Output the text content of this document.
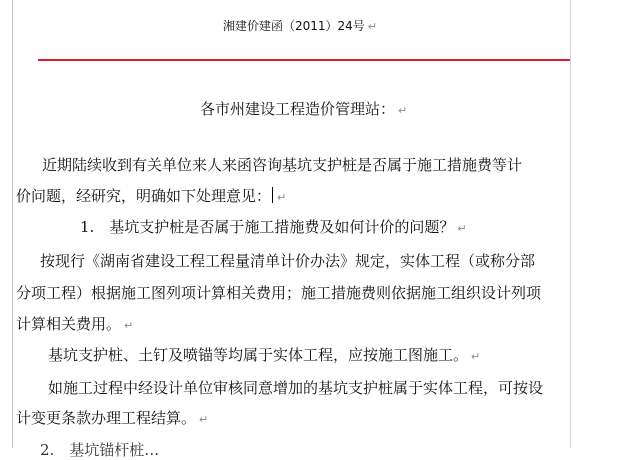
湘建价建函（2011）24号 ↵
各市州建设工程造价管理站： ↵
近期陆续收到有关单位来人来函咨询基坑支护桩是否属于施工措施费等计
价问题，经研究，明确如下处理意见： ↵
1.　基坑支护桩是否属于施工措施费及如何计价的问题？ ↵
按现行《湖南省建设工程工程量清单计价办法》规定，实体工程（或称分部
分项工程）根据施工图列项计算相关费用；施工措施费则依据施工组织设计列项
计算相关费用。 ↵
基坑支护桩、土钉及喷锚等均属于实体工程，应按施工图施工。 ↵
如施工过程中经设计单位审核同意增加的基坑支护桩属于实体工程，可按设
计变更条款办理工程结算。 ↵
2.　基坑锚杆桩…
